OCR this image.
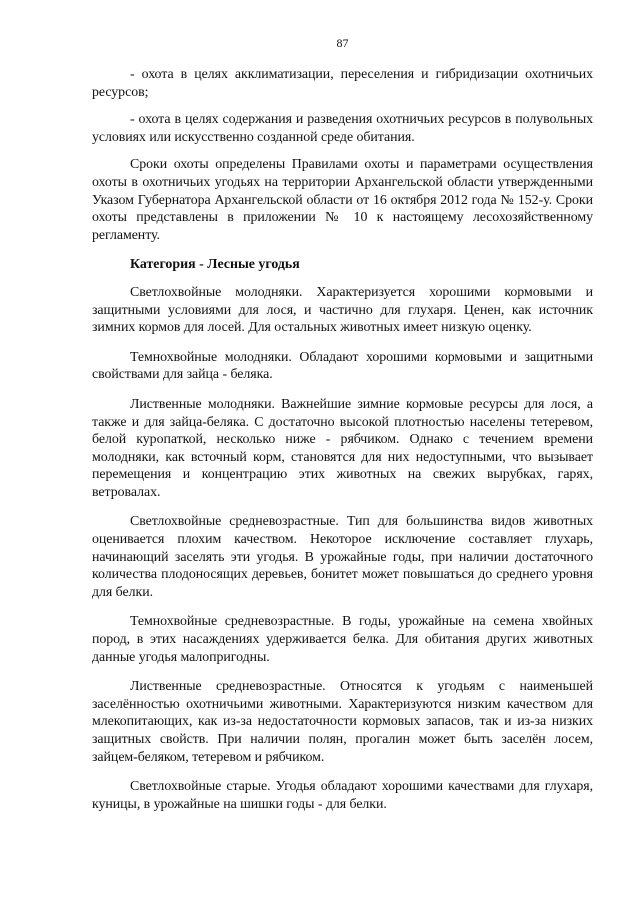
87

- охота в целях акклиматизации, переселения и гибридизации охотничьих ресурсов;

- охота в целях содержания и разведения охотничьих ресурсов в полувольных условиях или искусственно созданной среде обитания.

Сроки охоты определены Правилами охоты и параметрами осуществления охоты в охотничьих угодьях на территории Архангельской области утвержденными Указом Губернатора Архангельской области от 16 октября 2012 года № 152-у. Сроки охоты представлены в приложении № 10 к настоящему лесохозяйственному регламенту.

Категория - Лесные угодья

Светлохвойные молодняки. Характеризуется хорошими кормовыми и защитными условиями для лося, и частично для глухаря. Ценен, как источник зимних кормов для лосей. Для остальных животных имеет низкую оценку.

Темнохвойные молодняки. Обладают хорошими кормовыми и защитными свойствами для зайца - беляка.

Лиственные молодняки. Важнейшие зимние кормовые ресурсы для лося, а также и для зайца-беляка. С достаточно высокой плотностью населены тетеревом, белой куропаткой, несколько ниже - рябчиком. Однако с течением времени молодняки, как всточный корм, становятся для них недоступными, что вызывает перемещения и концентрацию этих животных на свежих вырубках, гарях, ветровалах.

Светлохвойные средневозрастные. Тип для большинства видов животных оценивается плохим качеством. Некоторое исключение составляет глухарь, начинающий заселять эти угодья. В урожайные годы, при наличии достаточного количества плодоносящих деревьев, бонитет может повышаться до среднего уровня для белки.

Темнохвойные средневозрастные. В годы, урожайные на семена хвойных пород, в этих насаждениях удерживается белка. Для обитания других животных данные угодья малопригодны.

Лиственные средневозрастные. Относятся к угодьям с наименьшей заселённостью охотничьими животными. Характеризуются низким качеством для млекопитающих, как из-за недостаточности кормовых запасов, так и из-за низких защитных свойств. При наличии полян, прогалин может быть заселён лосем, зайцем-беляком, тетеревом и рябчиком.

Светлохвойные старые. Угодья обладают хорошими качествами для глухаря, куницы, в урожайные на шишки годы - для белки.
